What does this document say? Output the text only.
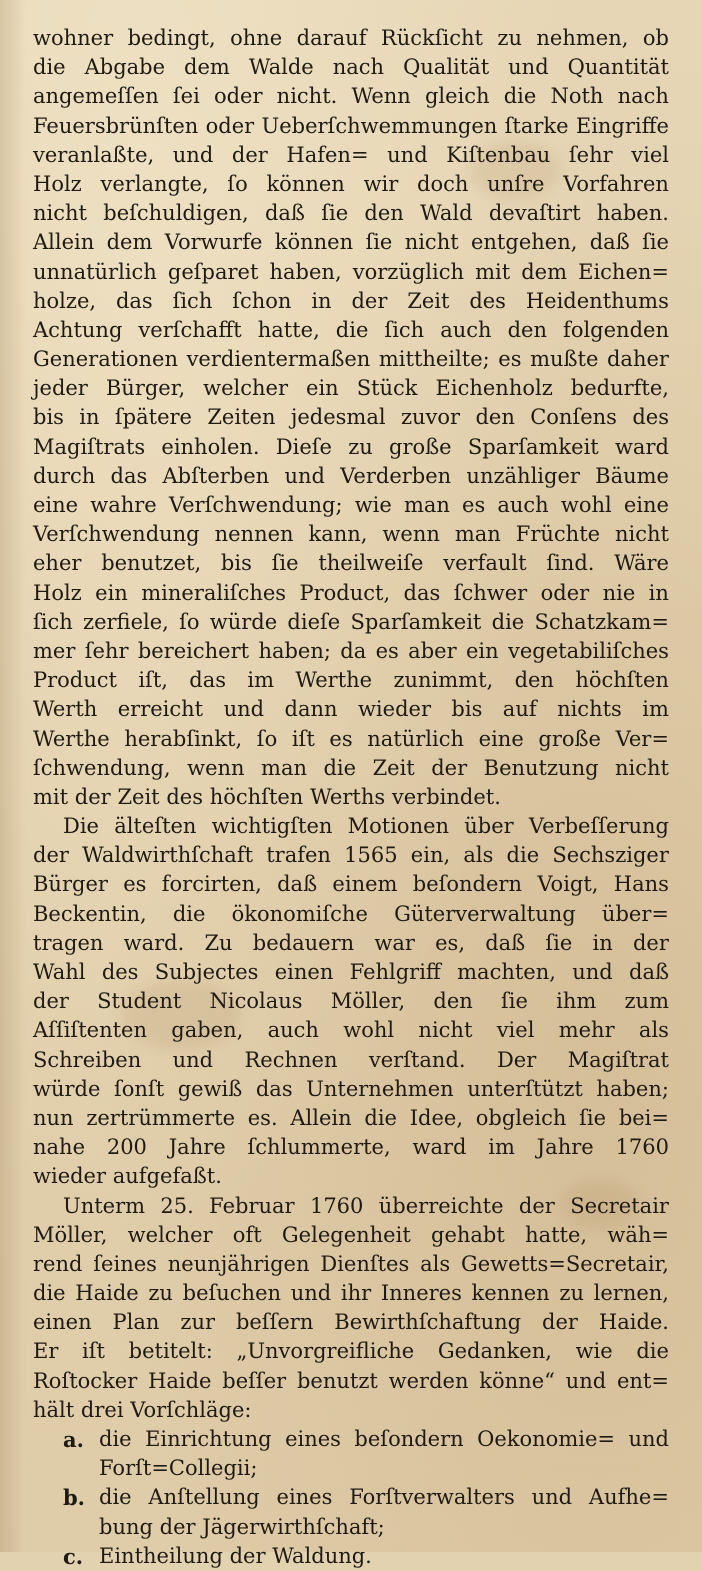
wohner bedingt, ohne darauf Rückſicht zu nehmen, ob
die Abgabe dem Walde nach Qualität und Quantität
angemeſſen ſei oder nicht. Wenn gleich die Noth nach
Feuersbrünſten oder Ueberſchwemmungen ſtarke Eingriffe
veranlaßte, und der Hafen= und Kiſtenbau ſehr viel
Holz verlangte, ſo können wir doch unſre Vorfahren
nicht beſchuldigen, daß ſie den Wald devaſtirt haben.
Allein dem Vorwurfe können ſie nicht entgehen, daß ſie
unnatürlich geſparet haben, vorzüglich mit dem Eichen=
holze, das ſich ſchon in der Zeit des Heidenthums
Achtung verſchafft hatte, die ſich auch den folgenden
Generationen verdientermaßen mittheilte; es mußte daher
jeder Bürger, welcher ein Stück Eichenholz bedurfte,
bis in ſpätere Zeiten jedesmal zuvor den Conſens des
Magiſtrats einholen. Dieſe zu große Sparſamkeit ward
durch das Abſterben und Verderben unzähliger Bäume
eine wahre Verſchwendung; wie man es auch wohl eine
Verſchwendung nennen kann, wenn man Früchte nicht
eher benutzet, bis ſie theilweiſe verfault ſind. Wäre
Holz ein mineraliſches Product, das ſchwer oder nie in
ſich zerfiele, ſo würde dieſe Sparſamkeit die Schatzkam=
mer ſehr bereichert haben; da es aber ein vegetabiliſches
Product iſt, das im Werthe zunimmt, den höchſten
Werth erreicht und dann wieder bis auf nichts im
Werthe herabſinkt, ſo iſt es natürlich eine große Ver=
ſchwendung, wenn man die Zeit der Benutzung nicht
mit der Zeit des höchſten Werths verbindet.
Die älteſten wichtigſten Motionen über Verbeſſerung
der Waldwirthſchaft trafen 1565 ein, als die Sechsziger
Bürger es forcirten, daß einem beſondern Voigt, Hans
Beckentin, die ökonomiſche Güterverwaltung über=
tragen ward. Zu bedauern war es, daß ſie in der
Wahl des Subjectes einen Fehlgriff machten, und daß
der Student Nicolaus Möller, den ſie ihm zum
Aſſiſtenten gaben, auch wohl nicht viel mehr als
Schreiben und Rechnen verſtand. Der Magiſtrat
würde ſonſt gewiß das Unternehmen unterſtützt haben;
nun zertrümmerte es. Allein die Idee, obgleich ſie bei=
nahe 200 Jahre ſchlummerte, ward im Jahre 1760
wieder aufgefaßt.
Unterm 25. Februar 1760 überreichte der Secretair
Möller, welcher oft Gelegenheit gehabt hatte, wäh=
rend ſeines neunjährigen Dienſtes als Gewetts=Secretair,
die Haide zu beſuchen und ihr Inneres kennen zu lernen,
einen Plan zur beſſern Bewirthſchaftung der Haide.
Er iſt betitelt: „Unvorgreifliche Gedanken, wie die
Roſtocker Haide beſſer benutzt werden könne“ und ent=
hält drei Vorſchläge:
a. die Einrichtung eines beſondern Oekonomie= und
Forſt=Collegii;
b. die Anſtellung eines Forſtverwalters und Aufhe=
bung der Jägerwirthſchaft;
c. Eintheilung der Waldung.
